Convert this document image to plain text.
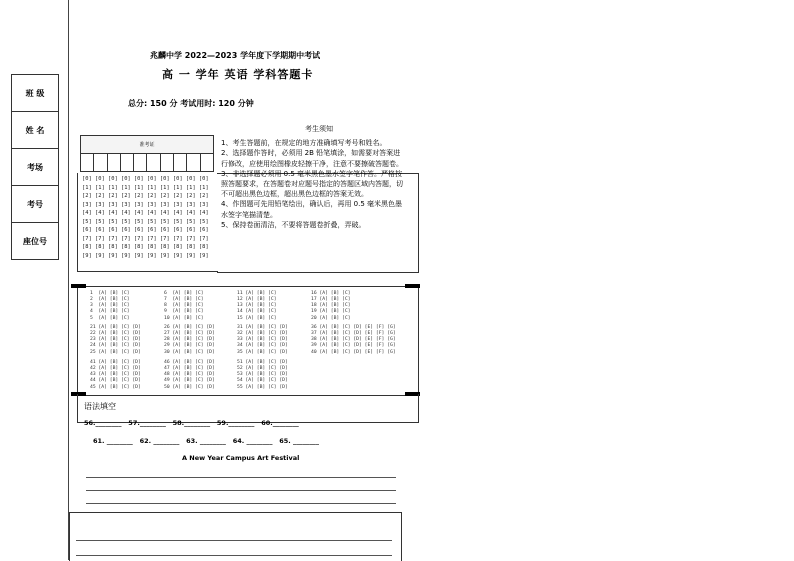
班 级
姓 名
考场
考号
座位号
兆麟中学 2022—2023 学年度下学期期中考试
高 一 学年 英语 学科答题卡
总分: 150 分 考试用时: 120 分钟
准考证
[0] [0] [0] [0] [0] [0] [0] [0] [0] [0]
[1] [1] [1] [1] [1] [1] [1] [1] [1] [1]
[2] [2] [2] [2] [2] [2] [2] [2] [2] [2]
[3] [3] [3] [3] [3] [3] [3] [3] [3] [3]
[4] [4] [4] [4] [4] [4] [4] [4] [4] [4]
[5] [5] [5] [5] [5] [5] [5] [5] [5] [5]
[6] [6] [6] [6] [6] [6] [6] [6] [6] [6]
[7] [7] [7] [7] [7] [7] [7] [7] [7] [7]
[8] [8] [8] [8] [8] [8] [8] [8] [8] [8]
[9] [9] [9] [9] [9] [9] [9] [9] [9] [9]
考生须知
1、考生答题前，在规定的地方准确填写考号和姓名。
2、选择题作答时，必须用 2B 铅笔填涂，如需要对答案进行修改，应使用绘图橡皮轻擦干净，注意不要擦破答题卷。
3、非选择题必须用 0.5 毫米黑色墨水签字笔作答。严格按照答题要求，在答题卷对应题号指定的答题区域内答题，切不可超出黑色边框，超出黑色边框的答案无效。
4、作图题可先用铅笔绘出，确认后，再用 0.5 毫米黑色墨水签字笔描清楚。
5、保持卷面清洁，不要将答题卷折叠，弄破。
1  [A] [B] [C]
2  [A] [B] [C]
3  [A] [B] [C]
4  [A] [B] [C]
5  [A] [B] [C]
6  [A] [B] [C]
7  [A] [B] [C]
8  [A] [B] [C]
9  [A] [B] [C]
10 [A] [B] [C]
11 [A] [B] [C]
12 [A] [B] [C]
13 [A] [B] [C]
14 [A] [B] [C]
15 [A] [B] [C]
16 [A] [B] [C]
17 [A] [B] [C]
18 [A] [B] [C]
19 [A] [B] [C]
20 [A] [B] [C]
21 [A] [B] [C] [D]
22 [A] [B] [C] [D]
23 [A] [B] [C] [D]
24 [A] [B] [C] [D]
25 [A] [B] [C] [D]
26 [A] [B] [C] [D]
27 [A] [B] [C] [D]
28 [A] [B] [C] [D]
29 [A] [B] [C] [D]
30 [A] [B] [C] [D]
31 [A] [B] [C] [D]
32 [A] [B] [C] [D]
33 [A] [B] [C] [D]
34 [A] [B] [C] [D]
35 [A] [B] [C] [D]
36 [A] [B] [C] [D] [E] [F] [G]
37 [A] [B] [C] [D] [E] [F] [G]
38 [A] [B] [C] [D] [E] [F] [G]
39 [A] [B] [C] [D] [E] [F] [G]
40 [A] [B] [C] [D] [E] [F] [G]
41 [A] [B] [C] [D]
42 [A] [B] [C] [D]
43 [A] [B] [C] [D]
44 [A] [B] [C] [D]
45 [A] [B] [C] [D]
46 [A] [B] [C] [D]
47 [A] [B] [C] [D]
48 [A] [B] [C] [D]
49 [A] [B] [C] [D]
50 [A] [B] [C] [D]
51 [A] [B] [C] [D]
52 [A] [B] [C] [D]
53 [A] [B] [C] [D]
54 [A] [B] [C] [D]
55 [A] [B] [C] [D]
语法填空
56.________   57.________   58.________   59.________   60.________
61. ________   62. ________   63. ________   64. ________   65. ________
A New Year Campus Art Festival
